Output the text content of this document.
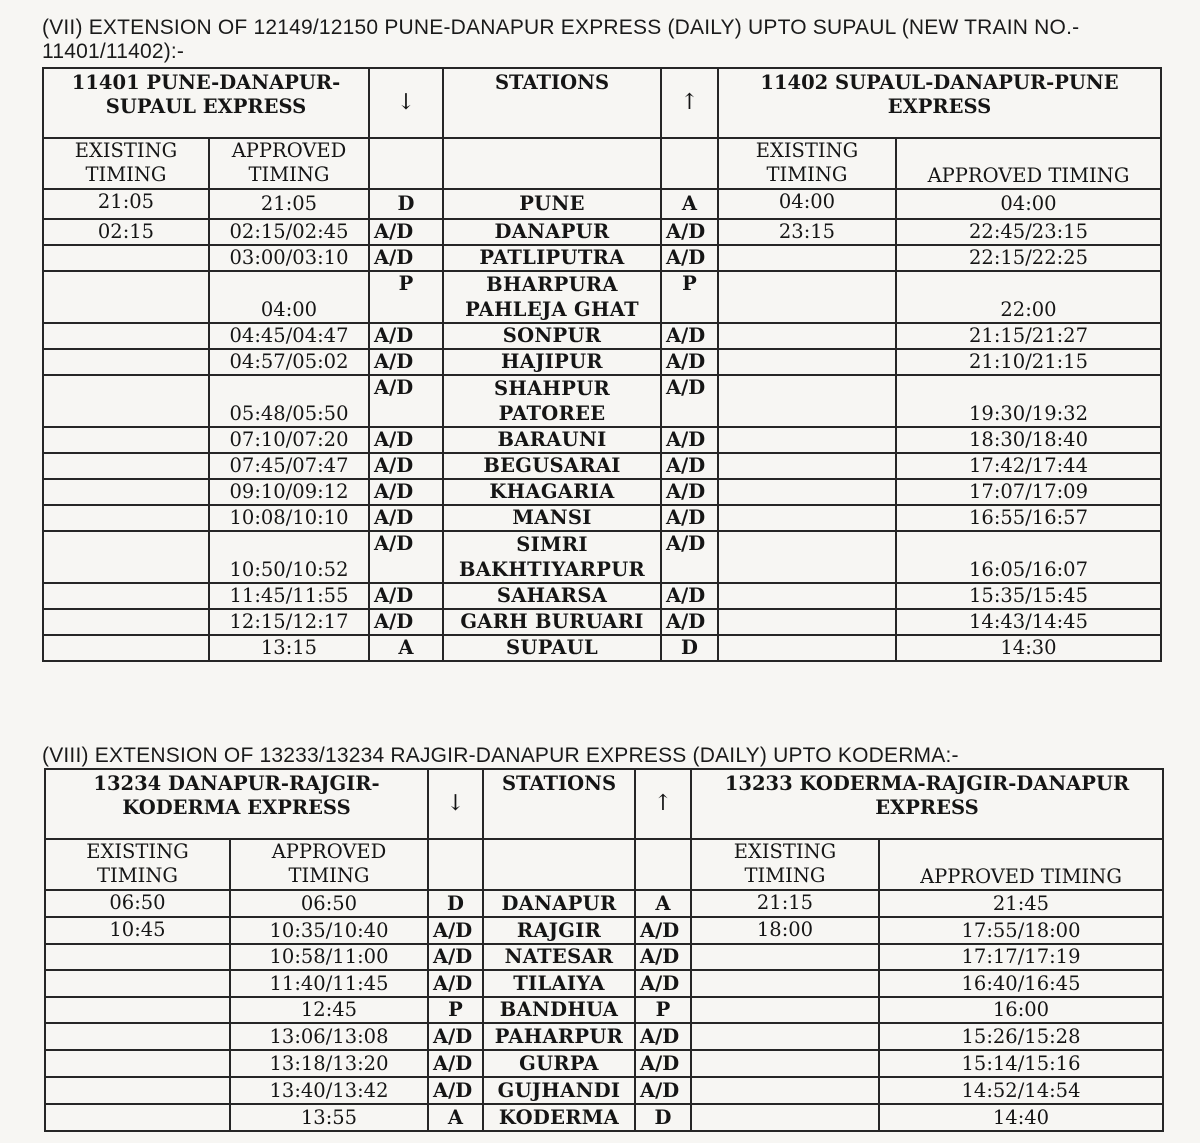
(VII) EXTENSION OF 12149/12150 PUNE-DANAPUR EXPRESS (DAILY) UPTO SUPAUL (NEW TRAIN NO.- 11401/11402):-

11401 PUNE-DANAPUR-SUPAUL EXPRESS		↓	STATIONS	↑	11402 SUPAUL-DANAPUR-PUNE EXPRESS	
EXISTING TIMING	APPROVED TIMING				EXISTING TIMING	APPROVED TIMING
21:05	21:05	D	PUNE	A	04:00	04:00
02:15	02:15/02:45	A/D	DANAPUR	A/D	23:15	22:45/23:15
	03:00/03:10	A/D	PATLIPUTRA	A/D		22:15/22:25
	04:00	P	BHARPURA PAHLEJA GHAT	P		22:00
	04:45/04:47	A/D	SONPUR	A/D		21:15/21:27
	04:57/05:02	A/D	HAJIPUR	A/D		21:10/21:15
	05:48/05:50	A/D	SHAHPUR PATOREE	A/D		19:30/19:32
	07:10/07:20	A/D	BARAUNI	A/D		18:30/18:40
	07:45/07:47	A/D	BEGUSARAI	A/D		17:42/17:44
	09:10/09:12	A/D	KHAGARIA	A/D		17:07/17:09
	10:08/10:10	A/D	MANSI	A/D		16:55/16:57
	10:50/10:52	A/D	SIMRI BAKHTIYARPUR	A/D		16:05/16:07
	11:45/11:55	A/D	SAHARSA	A/D		15:35/15:45
	12:15/12:17	A/D	GARH BURUARI	A/D		14:43/14:45
	13:15	A	SUPAUL	D		14:30

(VIII) EXTENSION OF 13233/13234 RAJGIR-DANAPUR EXPRESS (DAILY) UPTO KODERMA:-

13234 DANAPUR-RAJGIR-KODERMA EXPRESS		↓	STATIONS	↑	13233 KODERMA-RAJGIR-DANAPUR EXPRESS	
EXISTING TIMING	APPROVED TIMING				EXISTING TIMING	APPROVED TIMING
06:50	06:50	D	DANAPUR	A	21:15	21:45
10:45	10:35/10:40	A/D	RAJGIR	A/D	18:00	17:55/18:00
	10:58/11:00	A/D	NATESAR	A/D		17:17/17:19
	11:40/11:45	A/D	TILAIYA	A/D		16:40/16:45
	12:45	P	BANDHUA	P		16:00
	13:06/13:08	A/D	PAHARPUR	A/D		15:26/15:28
	13:18/13:20	A/D	GURPA	A/D		15:14/15:16
	13:40/13:42	A/D	GUJHANDI	A/D		14:52/14:54
	13:55	A	KODERMA	D		14:40
